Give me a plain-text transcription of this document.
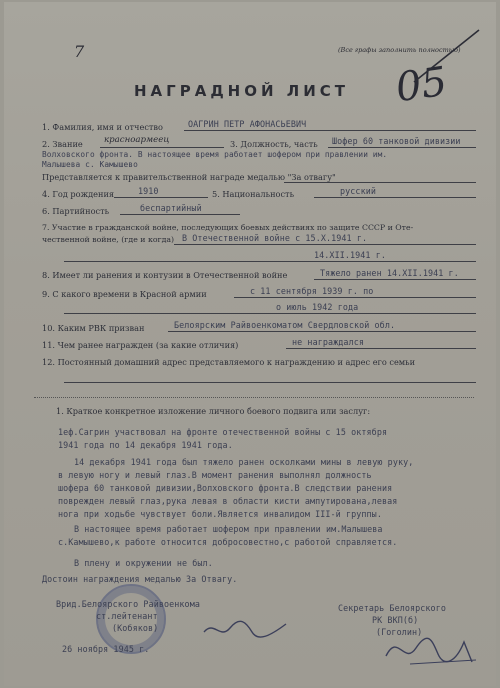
7	(Все графы заполнить полностью)
НАГРАДНОЙ ЛИСТ 05
1. Фамилия, имя и отчество	ОАГРИН ПЕТР АФОНАСЬЕВИЧ
2. Звание красноармеец	3. Должность, часть Шофер 60 танковой дивизии
Волховского фронта. В настоящее время работает шофером при правлении им.
Малышева с. Камышево
Представляется к правительственной награде медалью "За отвагу"
4. Год рождения	1910	5. Национальность	русский
6. Партийность	беспартийный
7. Участие в гражданской войне, последующих боевых действиях по защите СССР и Оте-
чественной войне, (где и когда) В Отечественной войне с 15.X.1941 г.
14.XII.1941 г.
8. Имеет ли ранения и контузии в Отечественной войне	Тяжело ранен 14.XII.1941 г.
9. С какого времени в Красной армии	с 11 сентября 1939 г. по
о июль 1942 года
10. Каким РВК призван	Белоярским Райвоенкоматом Свердловской обл.
11. Чем ранее награжден (за какие отличия)	не награждался
12. Постоянный домашний адрес представляемого к награждению и адрес его семьи
1. Краткое конкретное изложение личного боевого подвига или заслуг:
1еф.Сагрин участвовал на фронте отечественной войны с 15 октября
1941 года по 14 декабря 1941 года.
14 декабря 1941 года был тяжело ранен осколками мины в левую руку,
в левую ногу и левый глаз.В момент ранения выполнял должность
шофера 60 танковой дивизии,Волховского фронта.В следствии ранения
поврежден левый глаз,рука левая в области кисти ампутирована,левая
нога при ходьбе чувствует боли.Является инвалидом III-й группы.
В настоящее время работает шофером при правлении им.Малышева
с.Камышево,к работе относится добросовестно,с работой справляется.
В плену и окружении не был.
Достоин награждения медалью За Отвагу.
Врид.Белоярского Райвоенкома
ст.лейтенант
(Кобяков)
26 ноября 1945 г.
Секретарь Белоярского
РК ВКП(б)
(Гоголин)
